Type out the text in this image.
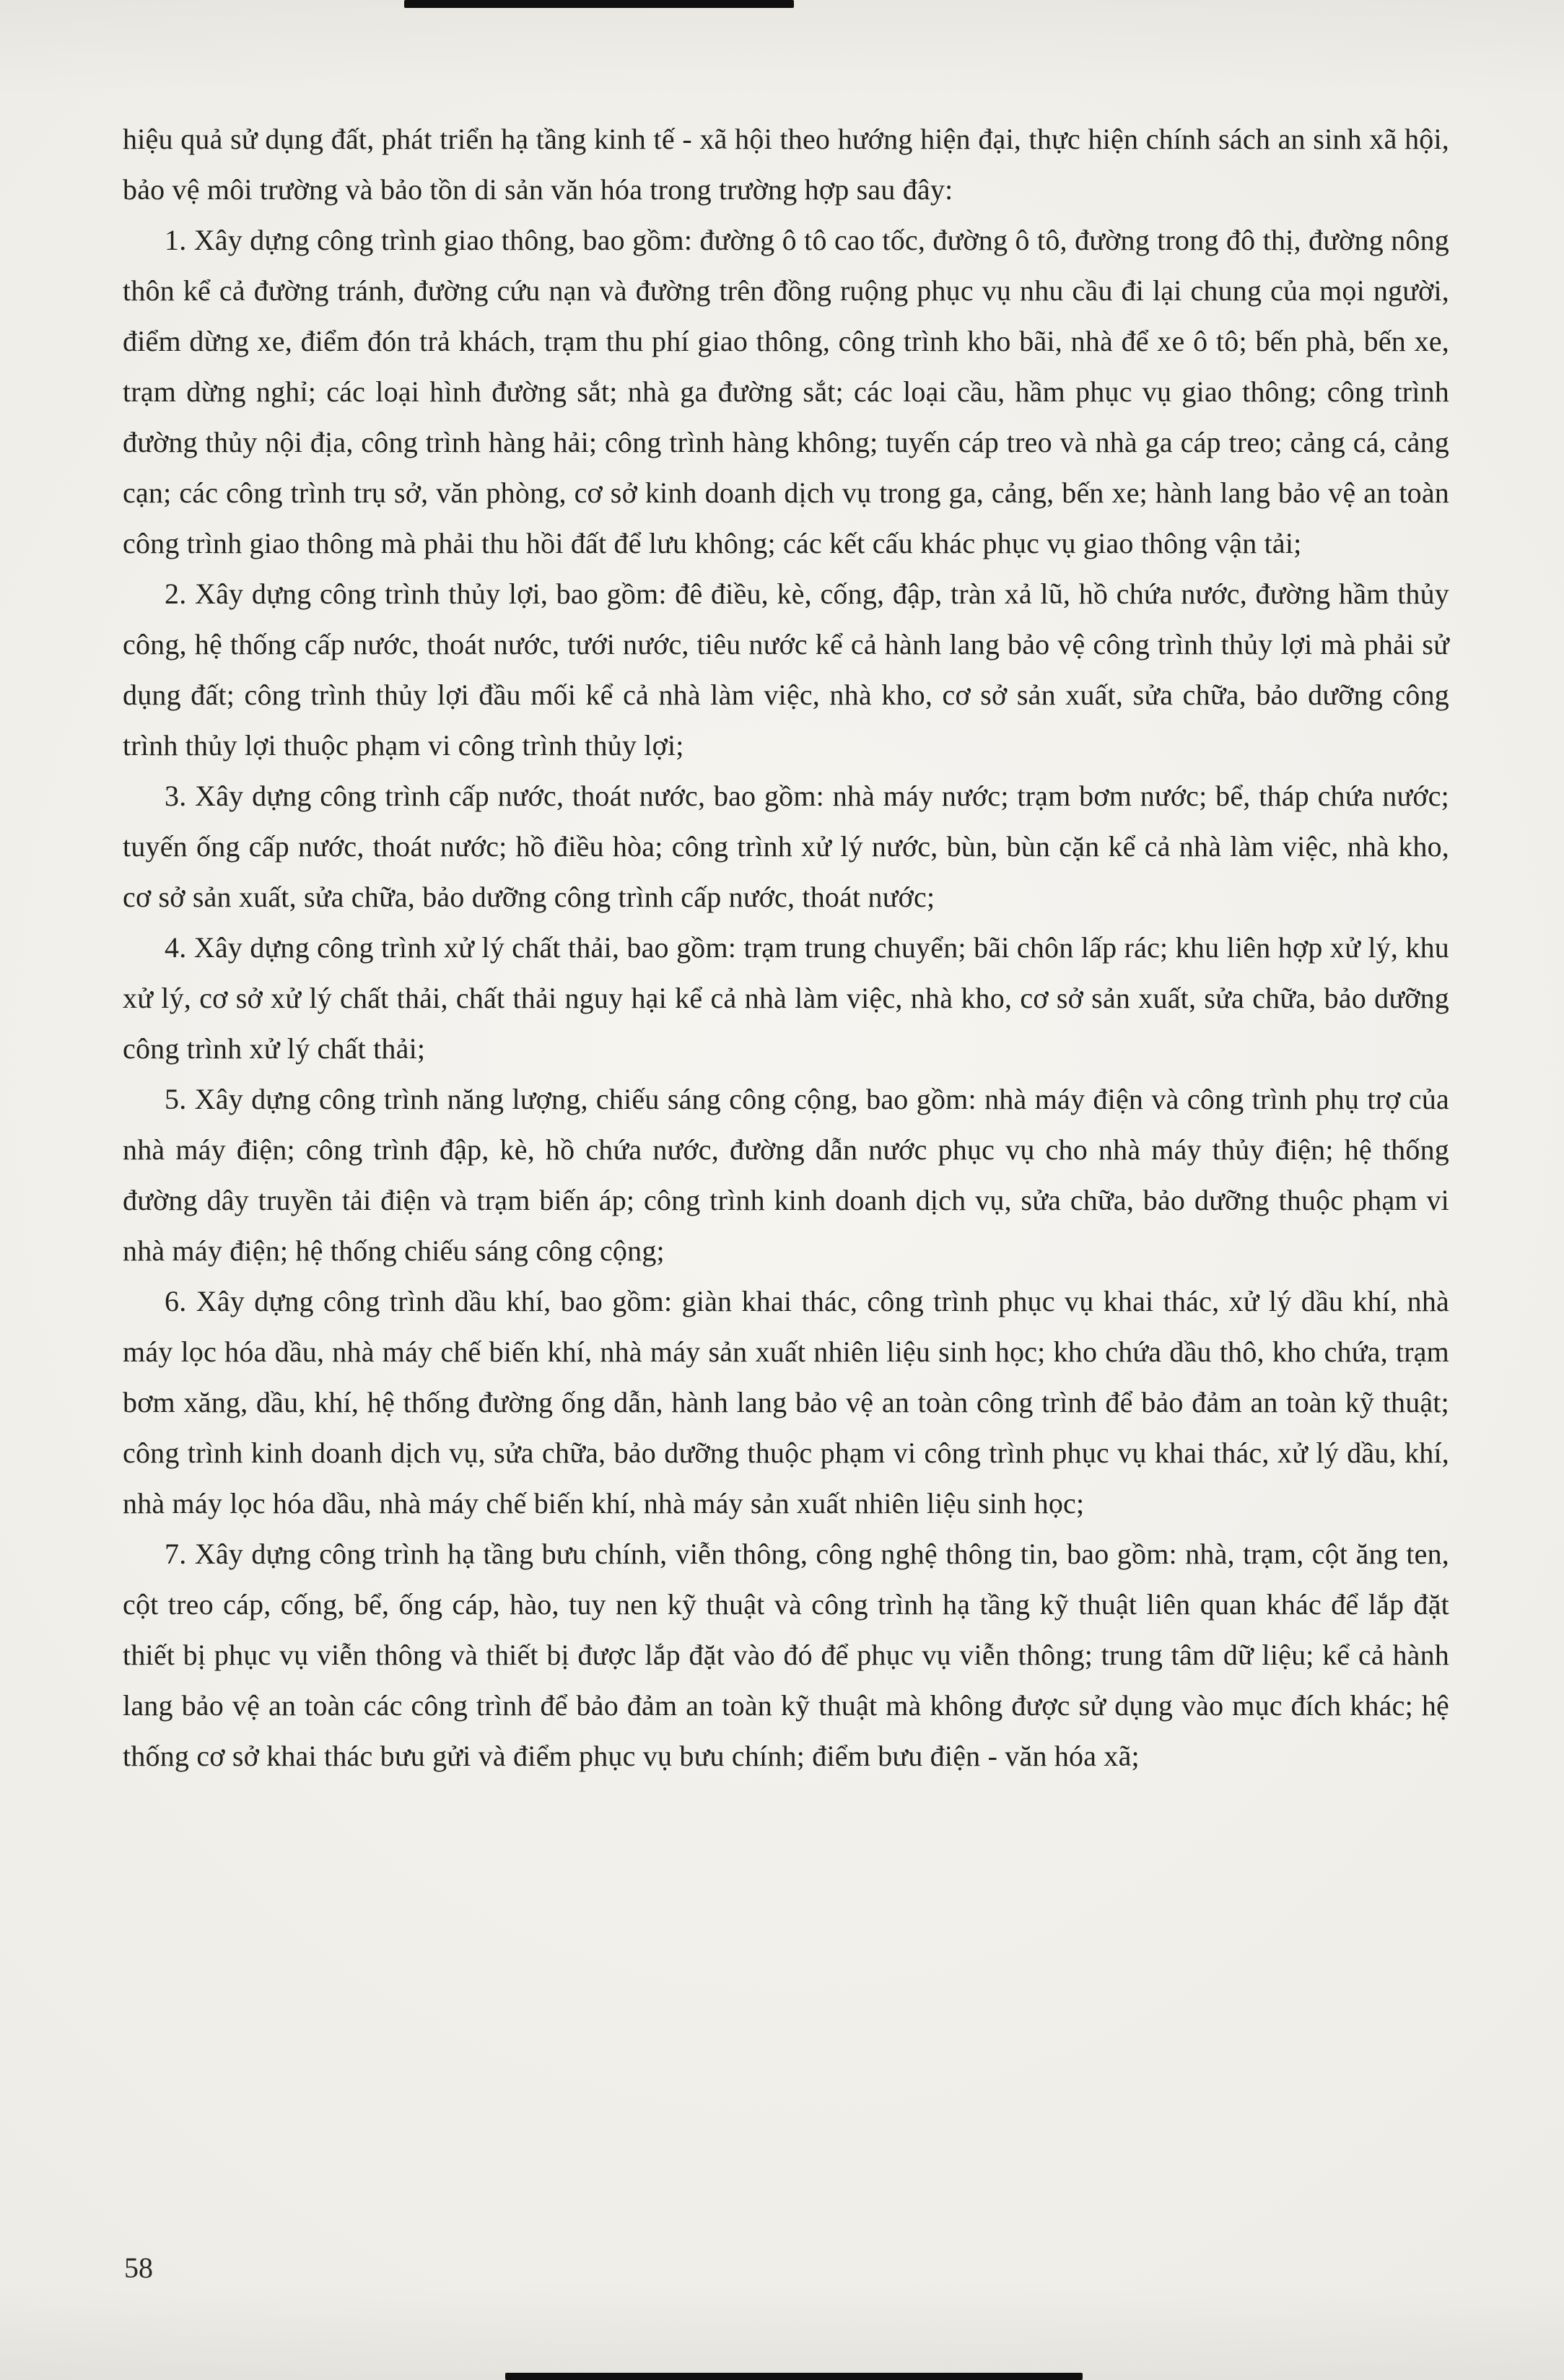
hiệu quả sử dụng đất, phát triển hạ tầng kinh tế - xã hội theo hướng hiện đại, thực hiện chính sách an sinh xã hội, bảo vệ môi trường và bảo tồn di sản văn hóa trong trường hợp sau đây:

1. Xây dựng công trình giao thông, bao gồm: đường ô tô cao tốc, đường ô tô, đường trong đô thị, đường nông thôn kể cả đường tránh, đường cứu nạn và đường trên đồng ruộng phục vụ nhu cầu đi lại chung của mọi người, điểm dừng xe, điểm đón trả khách, trạm thu phí giao thông, công trình kho bãi, nhà để xe ô tô; bến phà, bến xe, trạm dừng nghỉ; các loại hình đường sắt; nhà ga đường sắt; các loại cầu, hầm phục vụ giao thông; công trình đường thủy nội địa, công trình hàng hải; công trình hàng không; tuyến cáp treo và nhà ga cáp treo; cảng cá, cảng cạn; các công trình trụ sở, văn phòng, cơ sở kinh doanh dịch vụ trong ga, cảng, bến xe; hành lang bảo vệ an toàn công trình giao thông mà phải thu hồi đất để lưu không; các kết cấu khác phục vụ giao thông vận tải;

2. Xây dựng công trình thủy lợi, bao gồm: đê điều, kè, cống, đập, tràn xả lũ, hồ chứa nước, đường hầm thủy công, hệ thống cấp nước, thoát nước, tưới nước, tiêu nước kể cả hành lang bảo vệ công trình thủy lợi mà phải sử dụng đất; công trình thủy lợi đầu mối kể cả nhà làm việc, nhà kho, cơ sở sản xuất, sửa chữa, bảo dưỡng công trình thủy lợi thuộc phạm vi công trình thủy lợi;

3. Xây dựng công trình cấp nước, thoát nước, bao gồm: nhà máy nước; trạm bơm nước; bể, tháp chứa nước; tuyến ống cấp nước, thoát nước; hồ điều hòa; công trình xử lý nước, bùn, bùn cặn kể cả nhà làm việc, nhà kho, cơ sở sản xuất, sửa chữa, bảo dưỡng công trình cấp nước, thoát nước;

4. Xây dựng công trình xử lý chất thải, bao gồm: trạm trung chuyển; bãi chôn lấp rác; khu liên hợp xử lý, khu xử lý, cơ sở xử lý chất thải, chất thải nguy hại kể cả nhà làm việc, nhà kho, cơ sở sản xuất, sửa chữa, bảo dưỡng công trình xử lý chất thải;

5. Xây dựng công trình năng lượng, chiếu sáng công cộng, bao gồm: nhà máy điện và công trình phụ trợ của nhà máy điện; công trình đập, kè, hồ chứa nước, đường dẫn nước phục vụ cho nhà máy thủy điện; hệ thống đường dây truyền tải điện và trạm biến áp; công trình kinh doanh dịch vụ, sửa chữa, bảo dưỡng thuộc phạm vi nhà máy điện; hệ thống chiếu sáng công cộng;

6. Xây dựng công trình dầu khí, bao gồm: giàn khai thác, công trình phục vụ khai thác, xử lý dầu khí, nhà máy lọc hóa dầu, nhà máy chế biến khí, nhà máy sản xuất nhiên liệu sinh học; kho chứa dầu thô, kho chứa, trạm bơm xăng, dầu, khí, hệ thống đường ống dẫn, hành lang bảo vệ an toàn công trình để bảo đảm an toàn kỹ thuật; công trình kinh doanh dịch vụ, sửa chữa, bảo dưỡng thuộc phạm vi công trình phục vụ khai thác, xử lý dầu, khí, nhà máy lọc hóa dầu, nhà máy chế biến khí, nhà máy sản xuất nhiên liệu sinh học;

7. Xây dựng công trình hạ tầng bưu chính, viễn thông, công nghệ thông tin, bao gồm: nhà, trạm, cột ăng ten, cột treo cáp, cống, bể, ống cáp, hào, tuy nen kỹ thuật và công trình hạ tầng kỹ thuật liên quan khác để lắp đặt thiết bị phục vụ viễn thông và thiết bị được lắp đặt vào đó để phục vụ viễn thông; trung tâm dữ liệu; kể cả hành lang bảo vệ an toàn các công trình để bảo đảm an toàn kỹ thuật mà không được sử dụng vào mục đích khác; hệ thống cơ sở khai thác bưu gửi và điểm phục vụ bưu chính; điểm bưu điện - văn hóa xã;

58
